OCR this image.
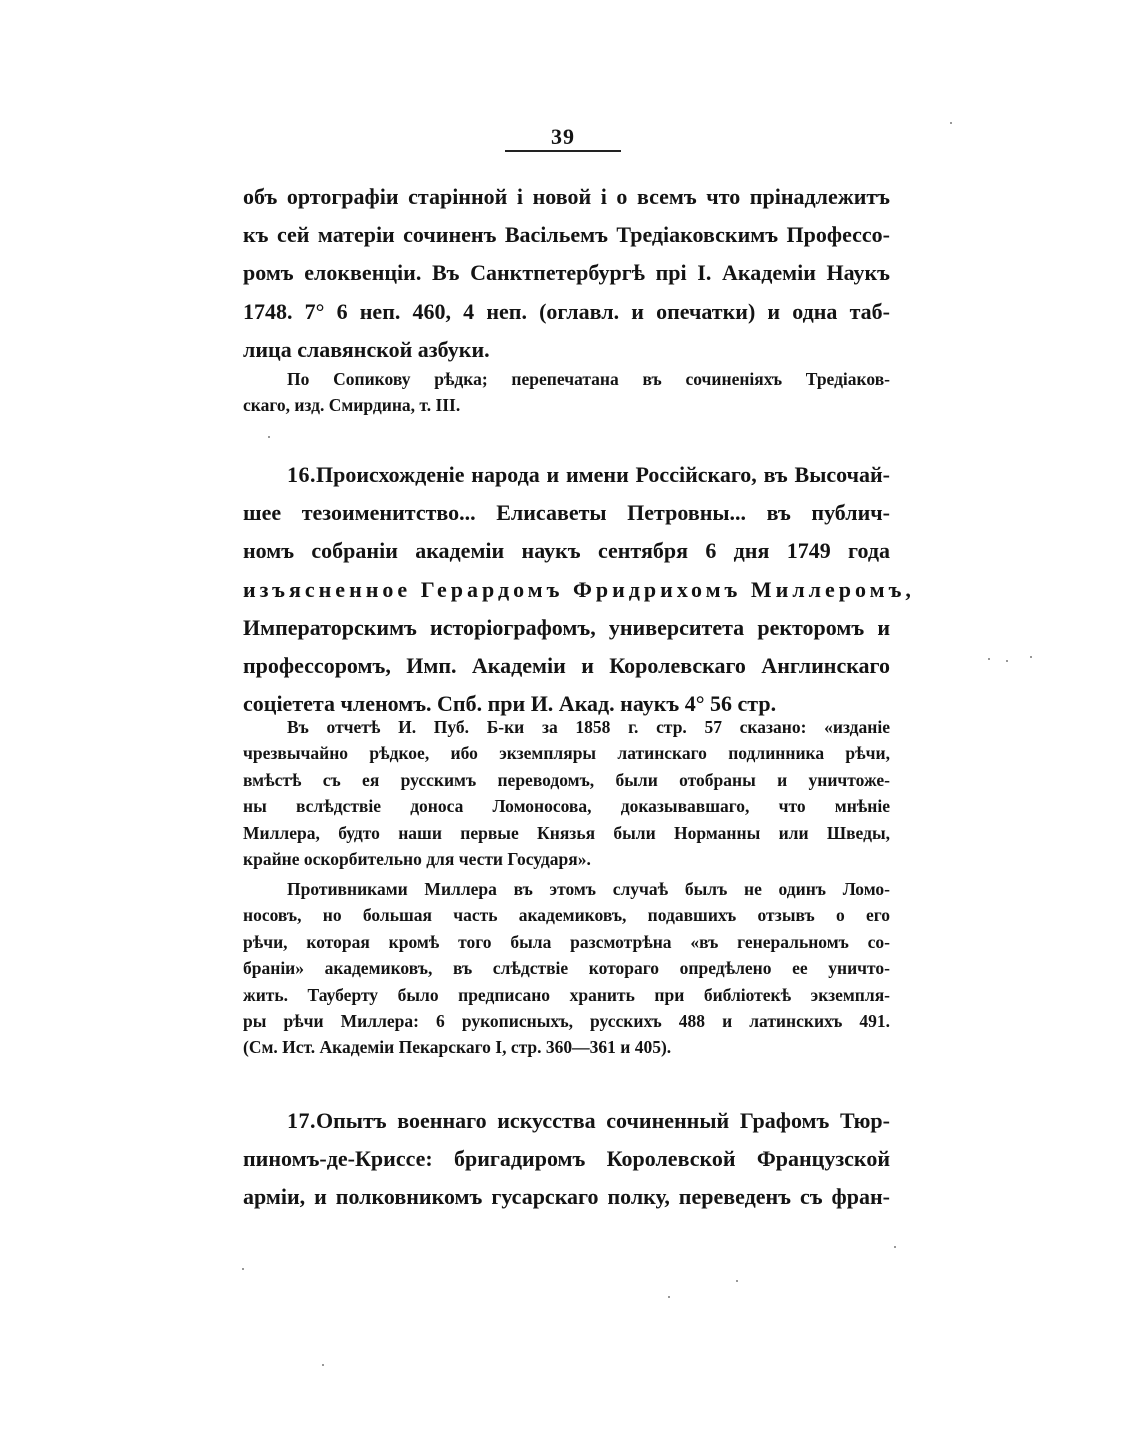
39
объ ортографіи старінной і новой і о всемъ что прінадлежитъ
къ сей матеріи сочиненъ Васільемъ Тредіаковскимъ Профессо-
ромъ елоквенціи. Въ Санктпетербургѣ прі І. Академіи Наукъ
1748. 7° 6 неп. 460, 4 неп. (оглавл. и опечатки) и одна таб-
лица славянской азбуки.
По Сопикову рѣдка; перепечатана въ сочиненіяхъ Тредіаков-
скаго, изд. Смирдина, т. III.
16.Происхожденіе народа и имени Россійскаго, въ Высочай-
шее тезоименитство... Елисаветы Петровны... въ публич-
номъ собраніи академіи наукъ сентября 6 дня 1749 года
изъясненное Герардомъ Фридрихомъ Миллеромъ,
Императорскимъ исторіографомъ, университета ректоромъ и
профессоромъ, Имп. Академіи и Королевскаго Англинскаго
соціетета членомъ. Спб. при И. Акад. наукъ 4° 56 стр.
Въ отчетѣ И. Пуб. Б-ки за 1858 г. стр. 57 сказано: «изданіе
чрезвычайно рѣдкое, ибо экземпляры латинскаго подлинника рѣчи,
вмѣстѣ съ ея русскимъ переводомъ, были отобраны и уничтоже-
ны вслѣдствіе доноса Ломоносова, доказывавшаго, что мнѣніе
Миллера, будто наши первые Князья были Норманны или Шведы,
крайне оскорбительно для чести Государя».
Противниками Миллера въ этомъ случаѣ былъ не одинъ Ломо-
носовъ, но большая часть академиковъ, подавшихъ отзывъ о его
рѣчи, которая кромѣ того была разсмотрѣна «въ генеральномъ со-
браніи» академиковъ, въ слѣдствіе котораго опредѣлено ее уничто-
жить. Тауберту было предписано хранить при библіотекѣ экземпля-
ры рѣчи Миллера: 6 рукописныхъ, русскихъ 488 и латинскихъ 491.
(См. Ист. Академіи Пекарскаго І, стр. 360—361 и 405).
17.Опытъ военнаго искусства сочиненный Графомъ Тюр-
пиномъ-де-Криссе: бригадиромъ Королевской Французской
арміи, и полковникомъ гусарскаго полку, переведенъ съ фран-
